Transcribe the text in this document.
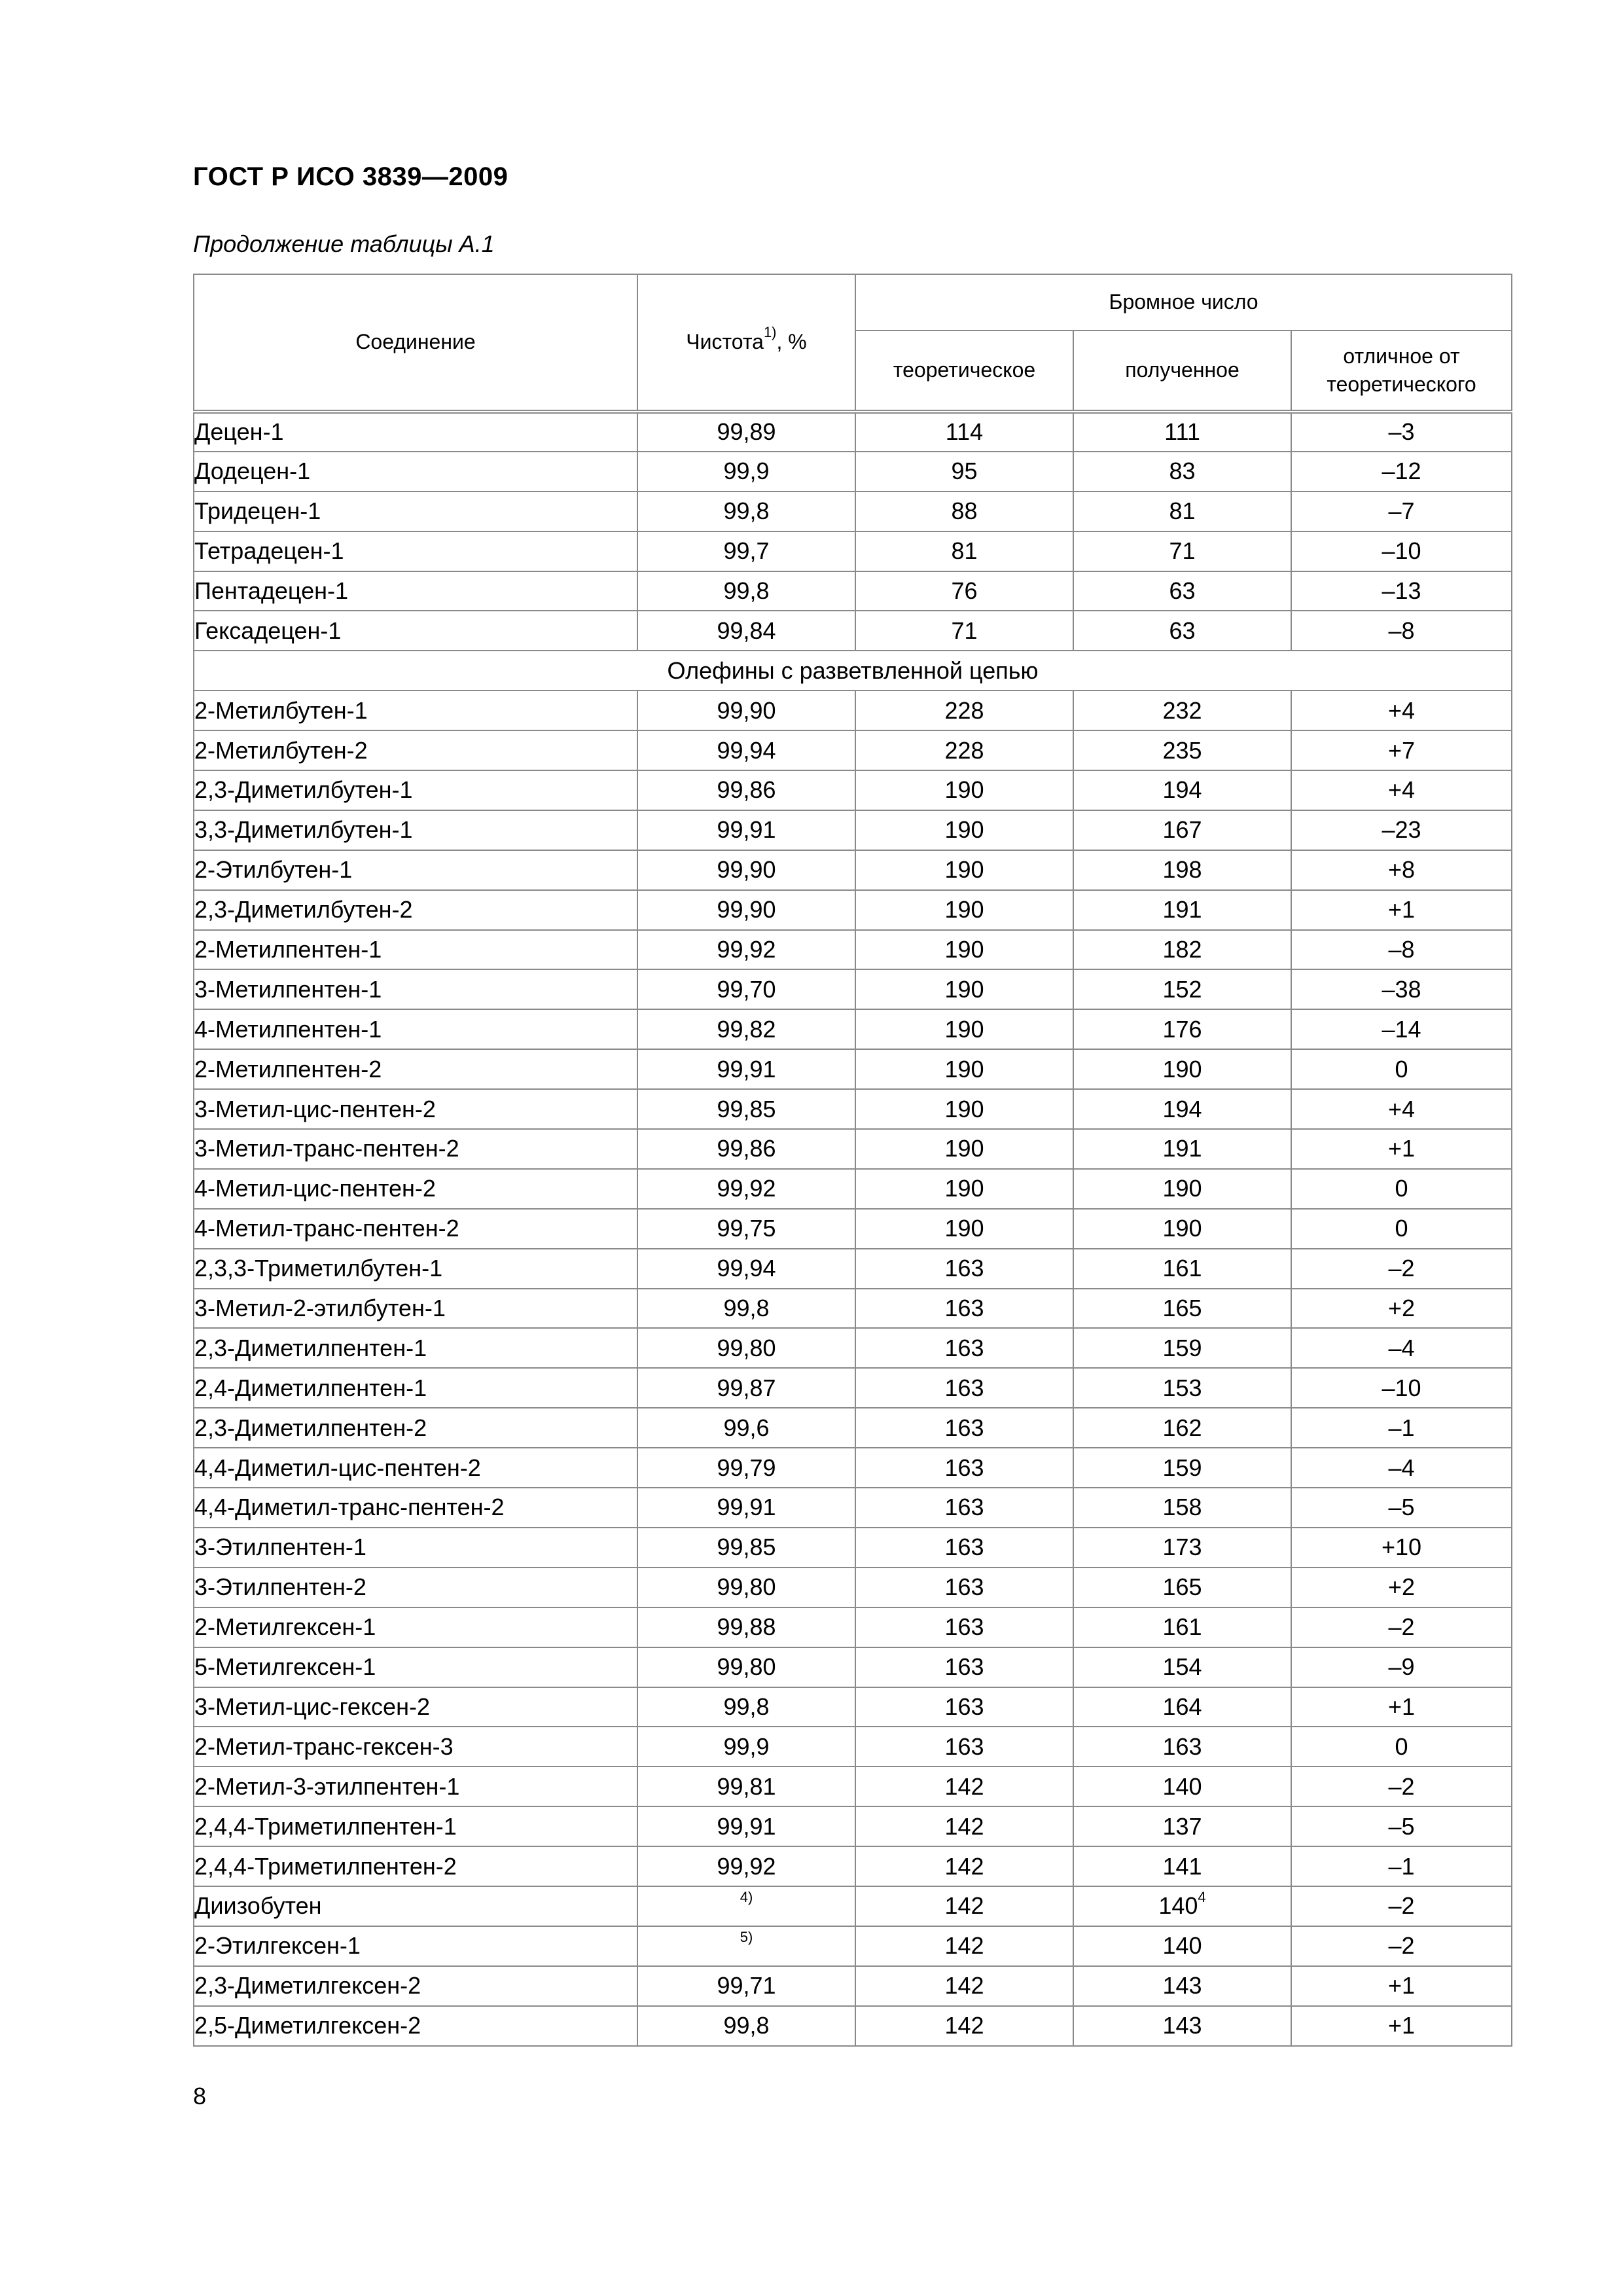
ГОСТ Р ИСО 3839—2009
Продолжение таблицы А.1
Соединение	Чистота$^{1)}$, %	Бромное число		
		теоретическое	полученное	отличное от теоретического
Децен-1	99,89	114	111	–3
Додецен-1	99,9	95	83	–12
Тридецен-1	99,8	88	81	–7
Тетрадецен-1	99,7	81	71	–10
Пентадецен-1	99,8	76	63	–13
Гексадецен-1	99,84	71	63	–8
Олефины с разветвленной цепью				
2-Метилбутен-1	99,90	228	232	+4
2-Метилбутен-2	99,94	228	235	+7
2,3-Диметилбутен-1	99,86	190	194	+4
3,3-Диметилбутен-1	99,91	190	167	–23
2-Этилбутен-1	99,90	190	198	+8
2,3-Диметилбутен-2	99,90	190	191	+1
2-Метилпентен-1	99,92	190	182	–8
3-Метилпентен-1	99,70	190	152	–38
4-Метилпентен-1	99,82	190	176	–14
2-Метилпентен-2	99,91	190	190	0
3-Метил-цис-пентен-2	99,85	190	194	+4
3-Метил-транс-пентен-2	99,86	190	191	+1
4-Метил-цис-пентен-2	99,92	190	190	0
4-Метил-транс-пентен-2	99,75	190	190	0
2,3,3-Триметилбутен-1	99,94	163	161	–2
3-Метил-2-этилбутен-1	99,8	163	165	+2
2,3-Диметилпентен-1	99,80	163	159	–4
2,4-Диметилпентен-1	99,87	163	153	–10
2,3-Диметилпентен-2	99,6	163	162	–1
4,4-Диметил-цис-пентен-2	99,79	163	159	–4
4,4-Диметил-транс-пентен-2	99,91	163	158	–5
3-Этилпентен-1	99,85	163	173	+10
3-Этилпентен-2	99,80	163	165	+2
2-Метилгексен-1	99,88	163	161	–2
5-Метилгексен-1	99,80	163	154	–9
3-Метил-цис-гексен-2	99,8	163	164	+1
2-Метил-транс-гексен-3	99,9	163	163	0
2-Метил-3-этилпентен-1	99,81	142	140	–2
2,4,4-Триметилпентен-1	99,91	142	137	–5
2,4,4-Триметилпентен-2	99,92	142	141	–1
Диизобутен	$^{4)}$	142	$140^4$	–2
2-Этилгексен-1	$^{5)}$	142	140	–2
2,3-Диметилгексен-2	99,71	142	143	+1
2,5-Диметилгексен-2	99,8	142	143	+1
8
